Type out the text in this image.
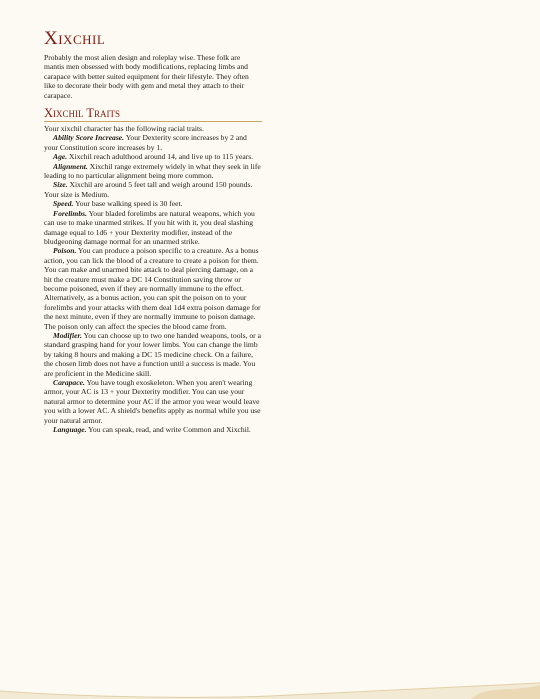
Xixchil

Probably the most alien design and roleplay wise. These folk are mantis men obsessed with body modifications, replacing limbs and carapace with better suited equipment for their lifestyle. They often like to decorate their body with gem and metal they attach to their carapace.

Xixchil Traits

Your xixchil character has the following racial traits.

Ability Score Increase. Your Dexterity score increases by 2 and your Constitution score increases by 1.

Age. Xixchil reach adulthood around 14, and live up to 115 years.

Alignment. Xixchil range extremely widely in what they seek in life leading to no particular alignment being more common.

Size. Xixchil are around 5 feet tall and weigh around 150 pounds. Your size is Medium.

Speed. Your base walking speed is 30 feet.

Forelimbs. Your bladed forelimbs are natural weapons, which you can use to make unarmed strikes. If you hit with it, you deal slashing damage equal to 1d6 + your Dexterity modifier, instead of the bludgeoning damage normal for an unarmed strike.

Poison. You can produce a poison specific to a creature. As a bonus action, you can lick the blood of a creature to create a poison for them. You can make and unarmed bite attack to deal piercing damage, on a hit the creature must make a DC 14 Constitution saving throw or become poisoned, even if they are normally immune to the effect. Alternatively, as a bonus action, you can spit the poison on to your forelimbs and your attacks with them deal 1d4 extra poison damage for the next minute, even if they are normally immune to poison damage. The poison only can affect the species the blood came from.

Modifier. You can choose up to two one handed weapons, tools, or a standard grasping hand for your lower limbs. You can change the limb by taking 8 hours and making a DC 15 medicine check. On a failure, the chosen limb does not have a function until a success is made. You are proficient in the Medicine skill.

Carapace. You have tough exoskeleton. When you aren't wearing armor, your AC is 13 + your Dexterity modifier. You can use your natural armor to determine your AC if the armor you wear would leave you with a lower AC. A shield's benefits apply as normal while you use your natural armor.

Language. You can speak, read, and write Common and Xixchil.
